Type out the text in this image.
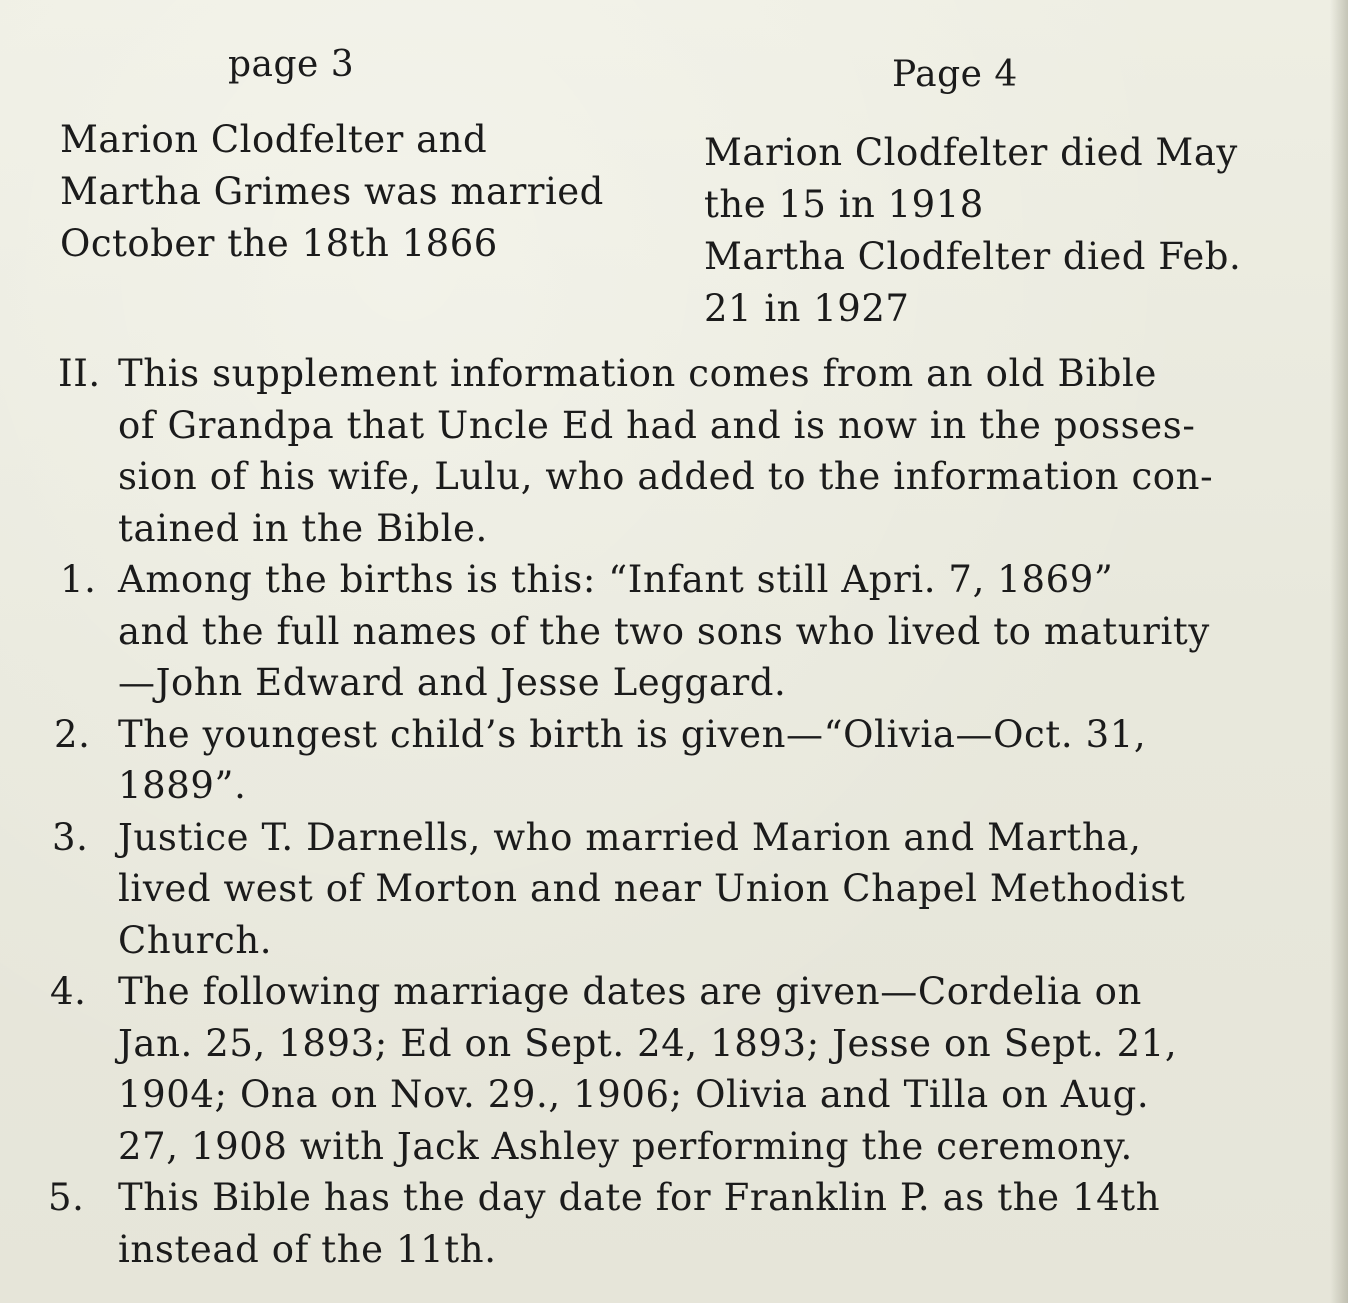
page 3
Marion Clodfelter and
Martha Grimes was married
October the 18th 1866
Page 4
Marion Clodfelter died May
the 15 in 1918
Martha Clodfelter died Feb.
21 in 1927
II. This supplement information comes from an old Bible
of Grandpa that Uncle Ed had and is now in the posses-
sion of his wife, Lulu, who added to the information con-
tained in the Bible.
1. Among the births is this: “Infant still Apri. 7, 1869”
and the full names of the two sons who lived to maturity
—John Edward and Jesse Leggard.
2. The youngest child’s birth is given—“Olivia—Oct. 31,
1889”.
3. Justice T. Darnells, who married Marion and Martha,
lived west of Morton and near Union Chapel Methodist
Church.
4. The following marriage dates are given—Cordelia on
Jan. 25, 1893; Ed on Sept. 24, 1893; Jesse on Sept. 21,
1904; Ona on Nov. 29., 1906; Olivia and Tilla on Aug.
27, 1908 with Jack Ashley performing the ceremony.
5. This Bible has the day date for Franklin P. as the 14th
instead of the 11th.
